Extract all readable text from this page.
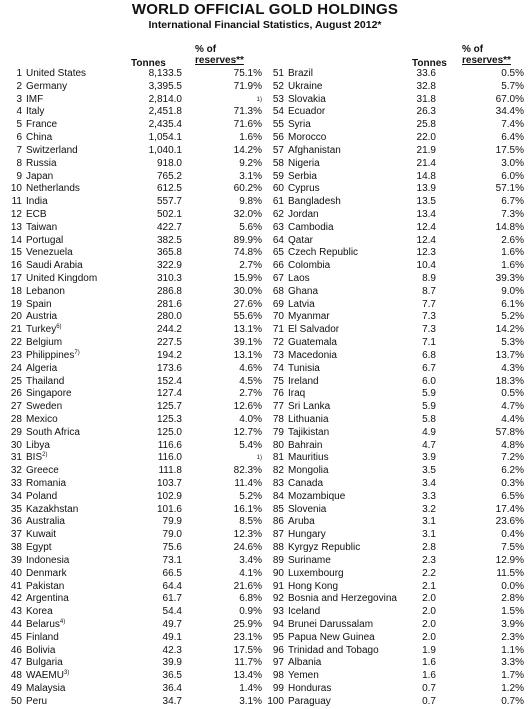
WORLD OFFICIAL GOLD HOLDINGS
International Financial Statistics, August 2012*
Tonnes
% of
reserves**	Tonnes
% of
reserves**
1 United States	8,133.5	75.1%
2 Germany	3,395.5	71.9%
3 IMF	2,814.0	$^{1)}$
4 Italy	2,451.8	71.3%
5 France	2,435.4	71.6%
6 China	1,054.1	1.6%
7 Switzerland	1,040.1	14.2%
8 Russia	918.0	9.2%
9 Japan	765.2	3.1%
10 Netherlands	612.5	60.2%
11 India	557.7	9.8%
12 ECB	502.1	32.0%
13 Taiwan	422.7	5.6%
14 Portugal	382.5	89.9%
15 Venezuela	365.8	74.8%
16 Saudi Arabia	322.9	2.7%
17 United Kingdom	310.3	15.9%
18 Lebanon	286.8	30.0%
19 Spain	281.6	27.6%
20 Austria	280.0	55.6%
21 Turkey$^{6)}$	244.2	13.1%
22 Belgium	227.5	39.1%
23 Philippines$^{7)}$	194.2	13.1%
24 Algeria	173.6	4.6%
25 Thailand	152.4	4.5%
26 Singapore	127.4	2.7%
27 Sweden	125.7	12.6%
28 Mexico	125.3	4.0%
29 South Africa	125.0	12.7%
30 Libya	116.6	5.4%
31 BIS$^{2)}$	116.0	$^{1)}$
32 Greece	111.8	82.3%
33 Romania	103.7	11.4%
34 Poland	102.9	5.2%
35 Kazakhstan	101.6	16.1%
36 Australia	79.9	8.5%
37 Kuwait	79.0	12.3%
38 Egypt	75.6	24.6%
39 Indonesia	73.1	3.4%
40 Denmark	66.5	4.1%
41 Pakistan	64.4	21.6%
42 Argentina	61.7	6.8%
43 Korea	54.4	0.9%
44 Belarus$^{4)}$	49.7	25.9%
45 Finland	49.1	23.1%
46 Bolivia	42.3	17.5%
47 Bulgaria	39.9	11.7%
48 WAEMU$^{3)}$	36.5	13.4%
49 Malaysia	36.4	1.4%
50 Peru	34.7	3.1%
51 Brazil	33.6	0.5%
52 Ukraine	32.8	5.7%
53 Slovakia	31.8	67.0%
54 Ecuador	26.3	34.4%
55 Syria	25.8	7.4%
56 Morocco	22.0	6.4%
57 Afghanistan	21.9	17.5%
58 Nigeria	21.4	3.0%
59 Serbia	14.8	6.0%
60 Cyprus	13.9	57.1%
61 Bangladesh	13.5	6.7%
62 Jordan	13.4	7.3%
63 Cambodia	12.4	14.8%
64 Qatar	12.4	2.6%
65 Czech Republic	12.3	1.6%
66 Colombia	10.4	1.6%
67 Laos	8.9	39.3%
68 Ghana	8.7	9.0%
69 Latvia	7.7	6.1%
70 Myanmar	7.3	5.2%
71 El Salvador	7.3	14.2%
72 Guatemala	7.1	5.3%
73 Macedonia	6.8	13.7%
74 Tunisia	6.7	4.3%
75 Ireland	6.0	18.3%
76 Iraq	5.9	0.5%
77 Sri Lanka	5.9	4.7%
78 Lithuania	5.8	4.4%
79 Tajikistan	4.9	57.8%
80 Bahrain	4.7	4.8%
81 Mauritius	3.9	7.2%
82 Mongolia	3.5	6.2%
83 Canada	3.4	0.3%
84 Mozambique	3.3	6.5%
85 Slovenia	3.2	17.4%
86 Aruba	3.1	23.6%
87 Hungary	3.1	0.4%
88 Kyrgyz Republic	2.8	7.5%
89 Suriname	2.3	12.9%
90 Luxembourg	2.2	11.5%
91 Hong Kong	2.1	0.0%
92 Bosnia and Herzegovina	2.0	2.8%
93 Iceland	2.0	1.5%
94 Brunei Darussalam	2.0	3.9%
95 Papua New Guinea	2.0	2.3%
96 Trinidad and Tobago	1.9	1.1%
97 Albania	1.6	3.3%
98 Yemen	1.6	1.7%
99 Honduras	0.7	1.2%
100 Paraguay	0.7	0.7%
